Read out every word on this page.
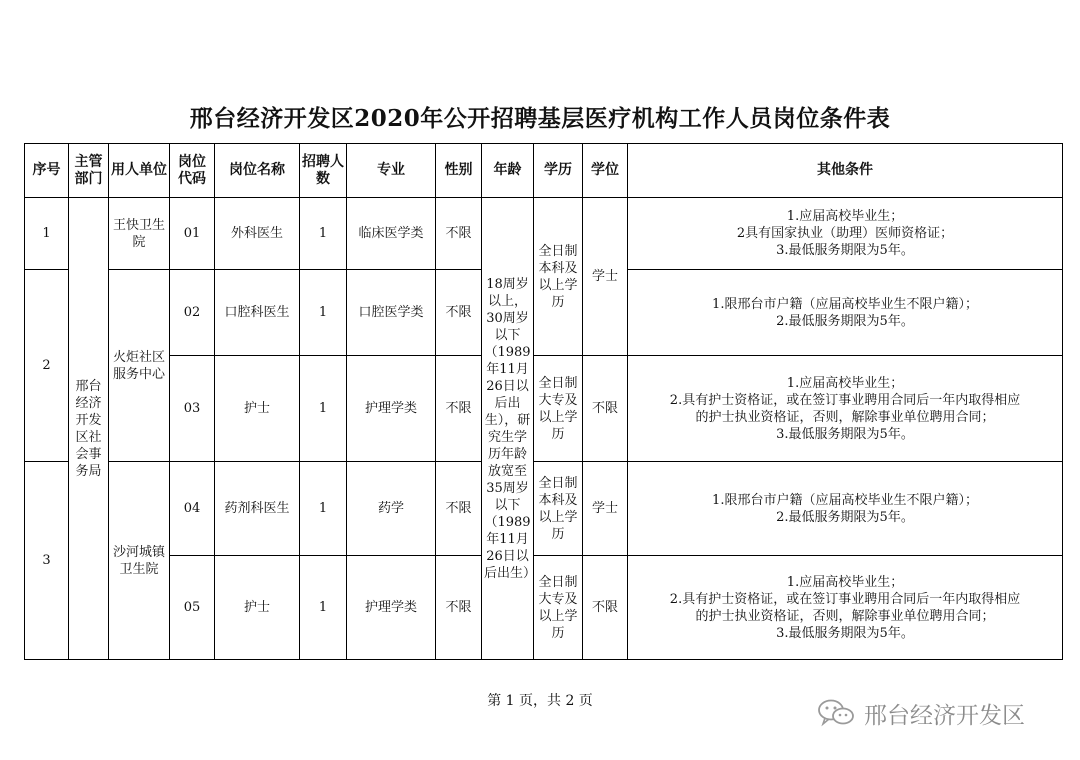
邢台经济开发区2020年公开招聘基层医疗机构工作人员岗位条件表
序号	主管部门	用人单位	岗位代码	岗位名称	招聘人数	专业	性别	年龄	学历	学位	其他条件
1	邢台经济开发区社会事务局	王快卫生院	01	外科医生	1	临床医学类	不限	18周岁以上，30周岁以下（1989年11月26日以后出生），研究生学历年龄放宽至35周岁以下（1989年11月26日以后出生）	全日制本科及以上学历	学士	1.应届高校毕业生；
2具有国家执业（助理）医师资格证；
3.最低服务期限为5年。

2		火炬社区服务中心	02	口腔科医生	1	口腔医学类	不限				1.限邢台市户籍（应届高校毕业生不限户籍）；
2.最低服务期限为5年。

			03	护士	1	护理学类	不限		全日制大专及以上学历	不限	1.应届高校毕业生；
2.具有护士资格证，或在签订事业聘用合同后一年内取得相应
的护士执业资格证，否则，解除事业单位聘用合同；
3.最低服务期限为5年。

3		沙河城镇卫生院	04	药剂科医生	1	药学	不限		全日制本科及以上学历	学士	1.限邢台市户籍（应届高校毕业生不限户籍）；
2.最低服务期限为5年。

			05	护士	1	护理学类	不限		全日制大专及以上学历	不限	1.应届高校毕业生；
2.具有护士资格证，或在签订事业聘用合同后一年内取得相应
的护士执业资格证，否则，解除事业单位聘用合同；
3.最低服务期限为5年。
第 1 页，共 2 页
邢台经济开发区
